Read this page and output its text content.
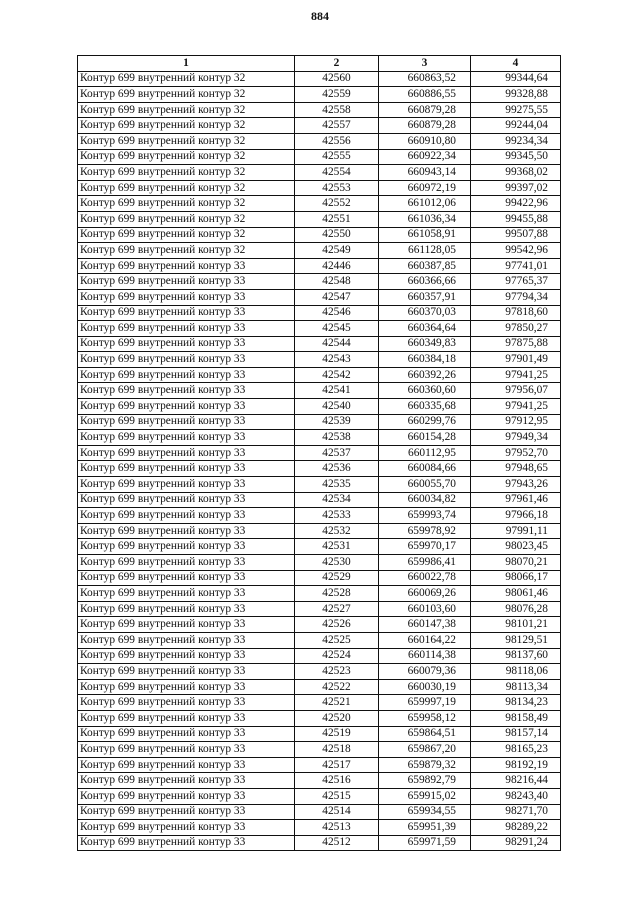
884
1	2	3	4
Контур 699 внутренний контур 32	42560	660863,52	99344,64
Контур 699 внутренний контур 32	42559	660886,55	99328,88
Контур 699 внутренний контур 32	42558	660879,28	99275,55
Контур 699 внутренний контур 32	42557	660879,28	99244,04
Контур 699 внутренний контур 32	42556	660910,80	99234,34
Контур 699 внутренний контур 32	42555	660922,34	99345,50
Контур 699 внутренний контур 32	42554	660943,14	99368,02
Контур 699 внутренний контур 32	42553	660972,19	99397,02
Контур 699 внутренний контур 32	42552	661012,06	99422,96
Контур 699 внутренний контур 32	42551	661036,34	99455,88
Контур 699 внутренний контур 32	42550	661058,91	99507,88
Контур 699 внутренний контур 32	42549	661128,05	99542,96
Контур 699 внутренний контур 33	42446	660387,85	97741,01
Контур 699 внутренний контур 33	42548	660366,66	97765,37
Контур 699 внутренний контур 33	42547	660357,91	97794,34
Контур 699 внутренний контур 33	42546	660370,03	97818,60
Контур 699 внутренний контур 33	42545	660364,64	97850,27
Контур 699 внутренний контур 33	42544	660349,83	97875,88
Контур 699 внутренний контур 33	42543	660384,18	97901,49
Контур 699 внутренний контур 33	42542	660392,26	97941,25
Контур 699 внутренний контур 33	42541	660360,60	97956,07
Контур 699 внутренний контур 33	42540	660335,68	97941,25
Контур 699 внутренний контур 33	42539	660299,76	97912,95
Контур 699 внутренний контур 33	42538	660154,28	97949,34
Контур 699 внутренний контур 33	42537	660112,95	97952,70
Контур 699 внутренний контур 33	42536	660084,66	97948,65
Контур 699 внутренний контур 33	42535	660055,70	97943,26
Контур 699 внутренний контур 33	42534	660034,82	97961,46
Контур 699 внутренний контур 33	42533	659993,74	97966,18
Контур 699 внутренний контур 33	42532	659978,92	97991,11
Контур 699 внутренний контур 33	42531	659970,17	98023,45
Контур 699 внутренний контур 33	42530	659986,41	98070,21
Контур 699 внутренний контур 33	42529	660022,78	98066,17
Контур 699 внутренний контур 33	42528	660069,26	98061,46
Контур 699 внутренний контур 33	42527	660103,60	98076,28
Контур 699 внутренний контур 33	42526	660147,38	98101,21
Контур 699 внутренний контур 33	42525	660164,22	98129,51
Контур 699 внутренний контур 33	42524	660114,38	98137,60
Контур 699 внутренний контур 33	42523	660079,36	98118,06
Контур 699 внутренний контур 33	42522	660030,19	98113,34
Контур 699 внутренний контур 33	42521	659997,19	98134,23
Контур 699 внутренний контур 33	42520	659958,12	98158,49
Контур 699 внутренний контур 33	42519	659864,51	98157,14
Контур 699 внутренний контур 33	42518	659867,20	98165,23
Контур 699 внутренний контур 33	42517	659879,32	98192,19
Контур 699 внутренний контур 33	42516	659892,79	98216,44
Контур 699 внутренний контур 33	42515	659915,02	98243,40
Контур 699 внутренний контур 33	42514	659934,55	98271,70
Контур 699 внутренний контур 33	42513	659951,39	98289,22
Контур 699 внутренний контур 33	42512	659971,59	98291,24
